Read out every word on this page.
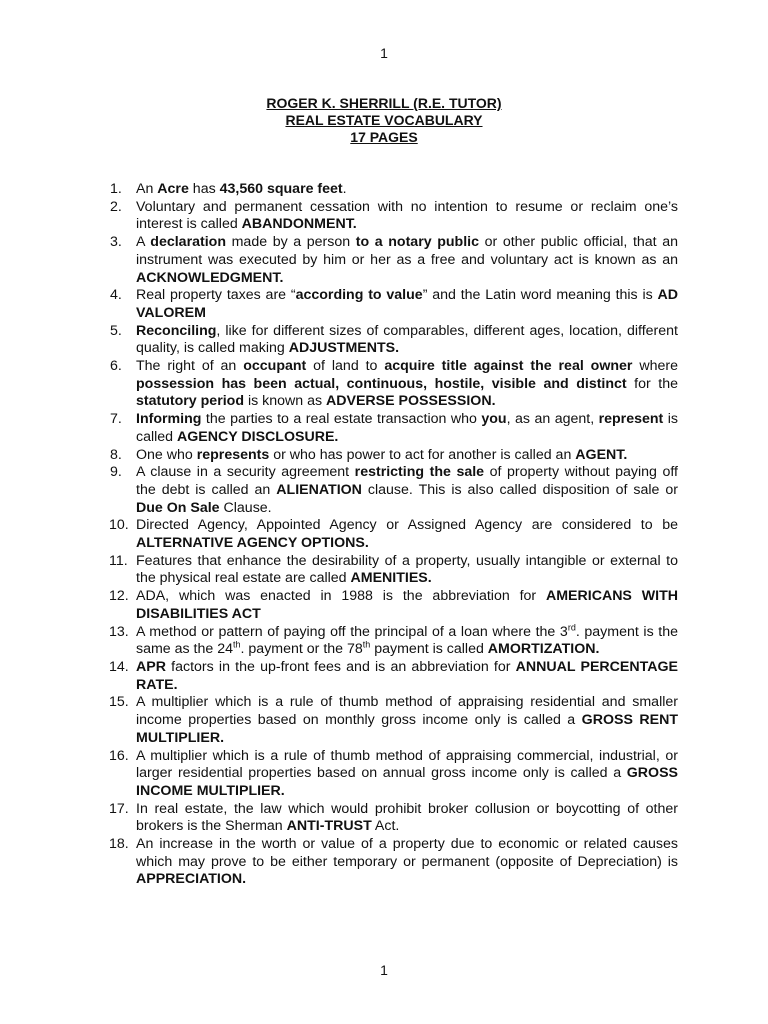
1
ROGER K. SHERRILL (R.E. TUTOR)
REAL ESTATE VOCABULARY
17 PAGES
1. An Acre has 43,560 square feet.
2. Voluntary and permanent cessation with no intention to resume or reclaim one’s interest is called ABANDONMENT.
3. A declaration made by a person to a notary public or other public official, that an instrument was executed by him or her as a free and voluntary act is known as an ACKNOWLEDGMENT.
4. Real property taxes are “according to value” and the Latin word meaning this is AD VALOREM
5. Reconciling, like for different sizes of comparables, different ages, location, different quality, is called making ADJUSTMENTS.
6. The right of an occupant of land to acquire title against the real owner where possession has been actual, continuous, hostile, visible and distinct for the statutory period is known as ADVERSE POSSESSION.
7. Informing the parties to a real estate transaction who you, as an agent, represent is called AGENCY DISCLOSURE.
8. One who represents or who has power to act for another is called an AGENT.
9. A clause in a security agreement restricting the sale of property without paying off the debt is called an ALIENATION clause. This is also called disposition of sale or Due On Sale Clause.
10. Directed Agency, Appointed Agency or Assigned Agency are considered to be ALTERNATIVE AGENCY OPTIONS.
11. Features that enhance the desirability of a property, usually intangible or external to the physical real estate are called AMENITIES.
12. ADA, which was enacted in 1988 is the abbreviation for AMERICANS WITH DISABILITIES ACT
13. A method or pattern of paying off the principal of a loan where the 3rd. payment is the same as the 24th. payment or the 78th payment is called AMORTIZATION.
14. APR factors in the up-front fees and is an abbreviation for ANNUAL PERCENTAGE RATE.
15. A multiplier which is a rule of thumb method of appraising residential and smaller income properties based on monthly gross income only is called a GROSS RENT MULTIPLIER.
16. A multiplier which is a rule of thumb method of appraising commercial, industrial, or larger residential properties based on annual gross income only is called a GROSS INCOME MULTIPLIER.
17. In real estate, the law which would prohibit broker collusion or boycotting of other brokers is the Sherman ANTI-TRUST Act.
18. An increase in the worth or value of a property due to economic or related causes which may prove to be either temporary or permanent (opposite of Depreciation) is APPRECIATION.
1
